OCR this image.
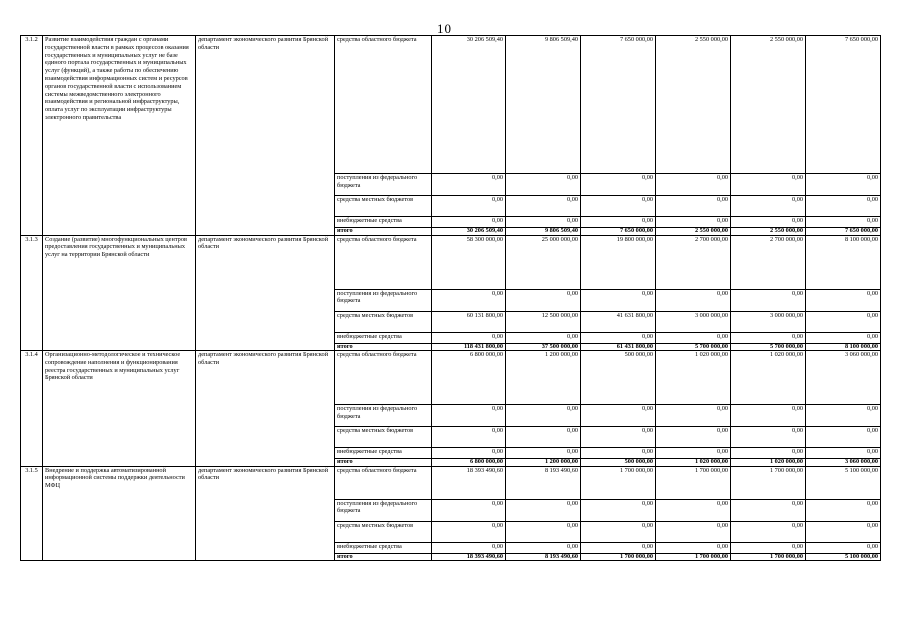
10
3.1.2	Развитие взаимодействия граждан с органами государственной власти в рамках процессов оказания государственных и муниципальных услуг не базе единого портала государственных и муниципальных услуг (функций), а также работы по обеспечению взаимодействия информационных систем и ресурсов органов государственной власти с использованием системы межведомственного электронного взаимодействия и региональной инфраструктуры, оплата услуг по эксплуатации инфраструктуры электронного правительства	департамент экономического развития Брянской области	средства областного бюджета	30 206 509,40	9 806 509,40	7 650 000,00	2 550 000,00	2 550 000,00	7 650 000,00
			поступления из федерального бюджета	0,00	0,00	0,00	0,00	0,00	0,00
			средства местных бюджетов	0,00	0,00	0,00	0,00	0,00	0,00
			внебюджетные средства	0,00	0,00	0,00	0,00	0,00	0,00
			итого	30 206 509,40	9 806 509,40	7 650 000,00	2 550 000,00	2 550 000,00	7 650 000,00
3.1.3	Создание (развитие) многофункциональных центров предоставления государственных и муниципальных услуг на территории Брянской области	департамент экономического развития Брянской области	средства областного бюджета	58 300 000,00	25 000 000,00	19 800 000,00	2 700 000,00	2 700 000,00	8 100 000,00
			поступления из федерального бюджета	0,00	0,00	0,00	0,00	0,00	0,00
			средства местных бюджетов	60 131 800,00	12 500 000,00	41 631 800,00	3 000 000,00	3 000 000,00	0,00
			внебюджетные средства	0,00	0,00	0,00	0,00	0,00	0,00
			итого	118 431 800,00	37 500 000,00	61 431 800,00	5 700 000,00	5 700 000,00	8 100 000,00
3.1.4	Организационно-методологическое и техническое сопровождение наполнения и функционирования реестра государственных и муниципальных услуг Брянской области	департамент экономического развития Брянской области	средства областного бюджета	6 800 000,00	1 200 000,00	500 000,00	1 020 000,00	1 020 000,00	3 060 000,00
			поступления из федерального бюджета	0,00	0,00	0,00	0,00	0,00	0,00
			средства местных бюджетов	0,00	0,00	0,00	0,00	0,00	0,00
			внебюджетные средства	0,00	0,00	0,00	0,00	0,00	0,00
			итого	6 800 000,00	1 200 000,00	500 000,00	1 020 000,00	1 020 000,00	3 060 000,00
3.1.5	Внедрение и поддержка автоматизированной информационной системы поддержки деятельности МФЦ	департамент экономического развития Брянской области	средства областного бюджета	18 393 490,60	8 193 490,60	1 700 000,00	1 700 000,00	1 700 000,00	5 100 000,00
			поступления из федерального бюджета	0,00	0,00	0,00	0,00	0,00	0,00
			средства местных бюджетов	0,00	0,00	0,00	0,00	0,00	0,00
			внебюджетные средства	0,00	0,00	0,00	0,00	0,00	0,00
			итого	18 393 490,60	8 193 490,60	1 700 000,00	1 700 000,00	1 700 000,00	5 100 000,00
